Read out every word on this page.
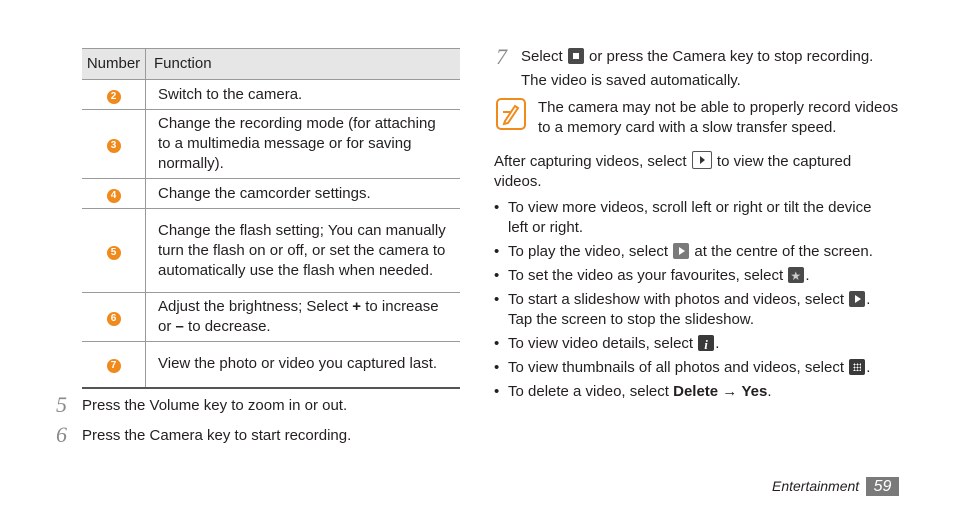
Number	Function
2	Switch to the camera.
3	Change the recording mode (for attaching to a multimedia message or for saving normally).
4	Change the camcorder settings.
5	Change the flash setting; You can manually turn the flash on or off, or set the camera to automatically use the flash when needed.
6	Adjust the brightness; Select + to increase or – to decrease.
7	View the photo or video you captured last.
5 Press the Volume key to zoom in or out.
6 Press the Camera key to start recording.
7 Select  or press the Camera key to stop recording.
The video is saved automatically.
The camera may not be able to properly record videos to a memory card with a slow transfer speed.
After capturing videos, select  to view the captured videos.
• To view more videos, scroll left or right or tilt the device left or right.
• To play the video, select  at the centre of the screen.
• To set the video as your favourites, select ★.
• To start a slideshow with photos and videos, select . Tap the screen to stop the slideshow.
• To view video details, select i.
• To view thumbnails of all photos and videos, select .
• To delete a video, select Delete → Yes.
Entertainment 59
